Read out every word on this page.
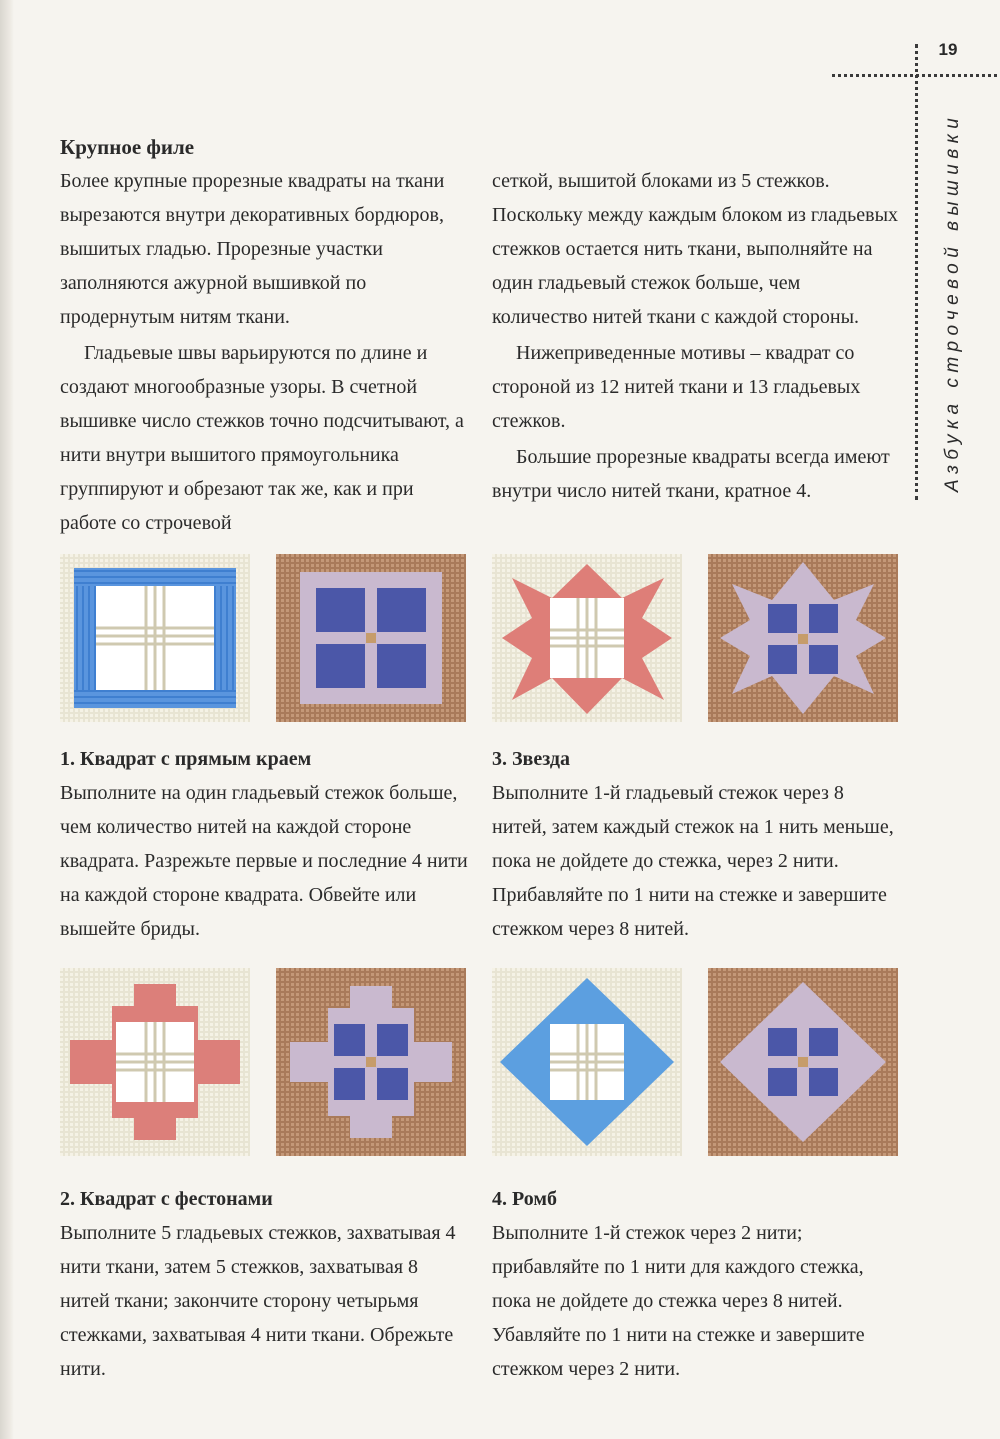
19
Азбука строчевой вышивки
Крупное филе

Более крупные прорезные квадраты на ткани вырезаются внутри декоративных бордюров, вышитых гладью. Прорезные участки заполняются ажурной вышивкой по продернутым нитям ткани.

Гладьевые швы варьируются по длине и создают многообразные узоры. В счетной вышивке число стежков точно подсчитывают, а нити внутри вышитого прямоугольника группируют и обрезают так же, как и при работе со строчевой

сеткой, вышитой блоками из 5 стежков. Поскольку между каждым блоком из гладьевых стежков остается нить ткани, выполняйте на один гладьевый стежок больше, чем количество нитей ткани с каждой стороны.

Нижеприведенные мотивы – квадрат со стороной из 12 нитей ткани и 13 гладьевых стежков.

Большие прорезные квадраты всегда имеют внутри число нитей ткани, кратное 4.

1. Квадрат с прямым краем

Выполните на один гладьевый стежок больше, чем количество нитей на каждой стороне квадрата. Разрежьте первые и последние 4 нити на каждой стороне квадрата. Обвейте или вышейте бриды.

3. Звезда

Выполните 1-й гладьевый стежок через 8 нитей, затем каждый стежок на 1 нить меньше, пока не дойдете до стежка, через 2 нити. Прибавляйте по 1 нити на стежке и завершите стежком через 8 нитей.

2. Квадрат с фестонами

Выполните 5 гладьевых стежков, захватывая 4 нити ткани, затем 5 стежков, захватывая 8 нитей ткани; закончите сторону четырьмя стежками, захватывая 4 нити ткани. Обрежьте нити.

4. Ромб

Выполните 1-й стежок через 2 нити; прибавляйте по 1 нити для каждого стежка, пока не дойдете до стежка через 8 нитей. Убавляйте по 1 нити на стежке и завершите стежком через 2 нити.
